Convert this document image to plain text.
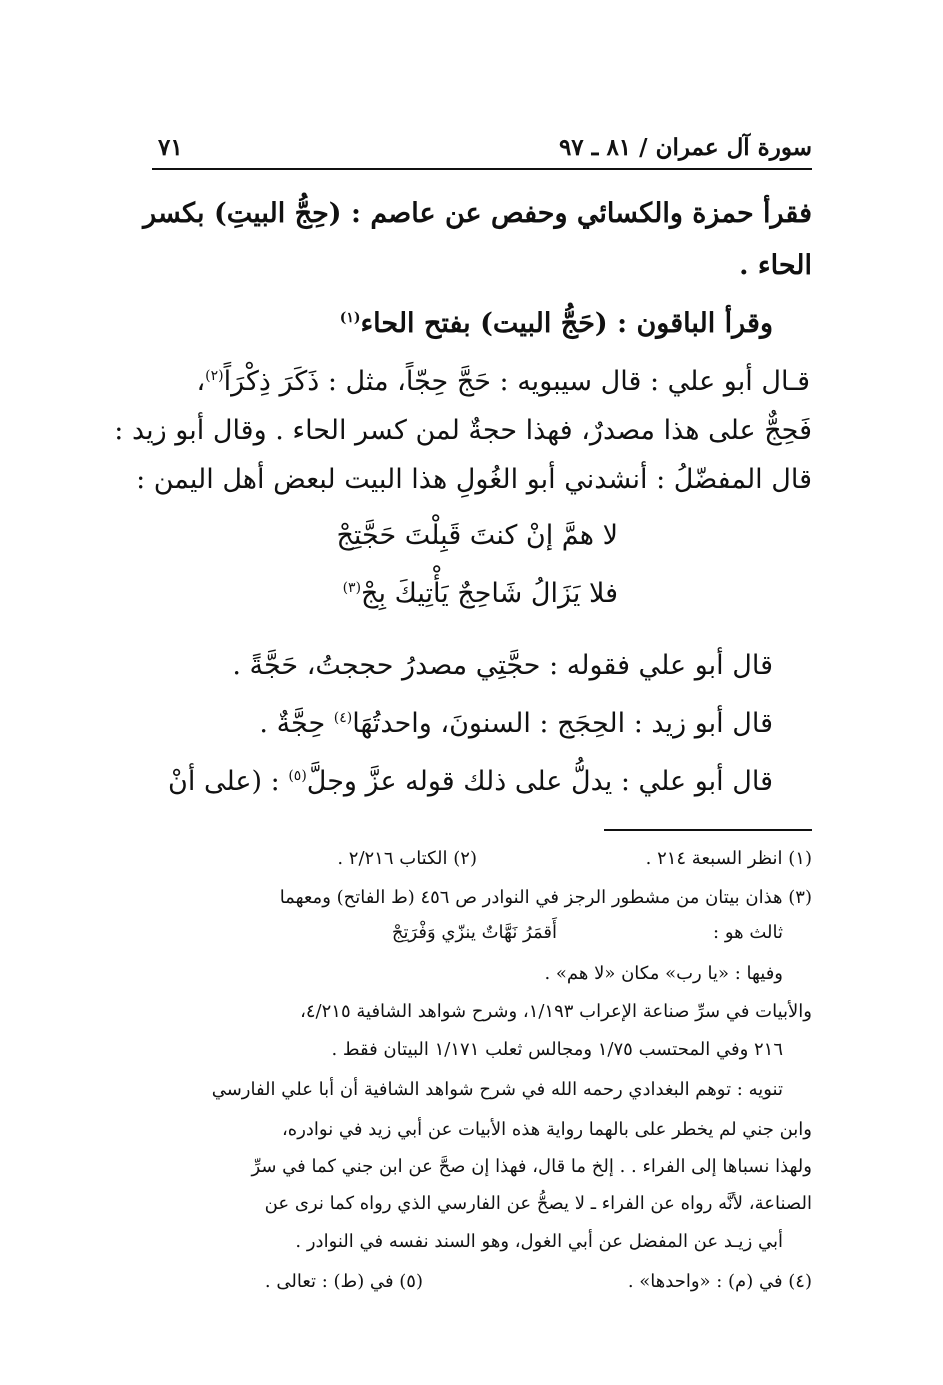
سورة آل عمران / ٨١ ـ ٩٧
٧١
فقرأ حمزة والكسائي وحفص عن عاصم : (حِجُّ البيتِ) بكسر
الحاء .
وقرأ الباقون : (حَجُّ البيت) بفتح الحاء$^{(١)}$
قـال أبو علي : قال سيبويه : حَجَّ حِجّاً، مثل : ذَكَرَ ذِكْرَاً$^{(٢)}$،
فَحِجٌّ على هذا مصدرٌ، فهذا حجةٌ لمن كسر الحاء . وقال أبو زيد :
قال المفضّلُ : أنشدني أبو الغُولِ هذا البيت لبعض أهل اليمن :
لا همَّ إنْ كنتَ قَبِلْتَ حَجَّتِجْ
فلا يَزَالُ شَاحِجٌ يَأْتِيكَ بِجْ$^{(٣)}$
قال أبو علي فقوله : حجَّتِي مصدرُ حججتُ، حَجَّةً .
قال أبو زيد : الحِجَج : السنونَ، واحدتُهَا$^{(٤)}$ حِجَّةٌ .
قال أبو علي : يدلُّ على ذلك قوله عزَّ وجلَّ$^{(٥)}$ : (على أنْ
(١) انظر السبعة ٢١٤ .
(٢) الكتاب ٢/٢١٦ .
(٣) هذان بيتان من مشطور الرجز في النوادر ص ٤٥٦ (ط الفاتح) ومعهما
ثالث هو :
أَقمَرُ نَهَّاتٌ ينزّي وَفْرَتِجْ
وفيها : «يا رب» مكان «لا هم» .
والأبيات في سرِّ صناعة الإعراب ١/١٩٣، وشرح شواهد الشافية ٤/٢١٥،
٢١٦ وفي المحتسب ١/٧٥ ومجالس ثعلب ١/١٧١ البيتان فقط .
تنويه : توهم البغدادي رحمه الله في شرح شواهد الشافية أن أبا علي الفارسي
وابن جني لم يخطر على بالهما رواية هذه الأبيات عن أبي زيد في نوادره،
ولهذا نسباها إلى الفراء . . إلخ ما قال، فهذا إن صحَّ عن ابن جني كما في سرِّ
الصناعة، لأنَّه رواه عن الفراء ـ لا يصحُّ عن الفارسي الذي رواه كما نرى عن
أبي زيـد عن المفضل عن أبي الغول، وهو السند نفسه في النوادر .
(٤) في (م) : «واحدها» .
(٥) في (ط) : تعالى .
